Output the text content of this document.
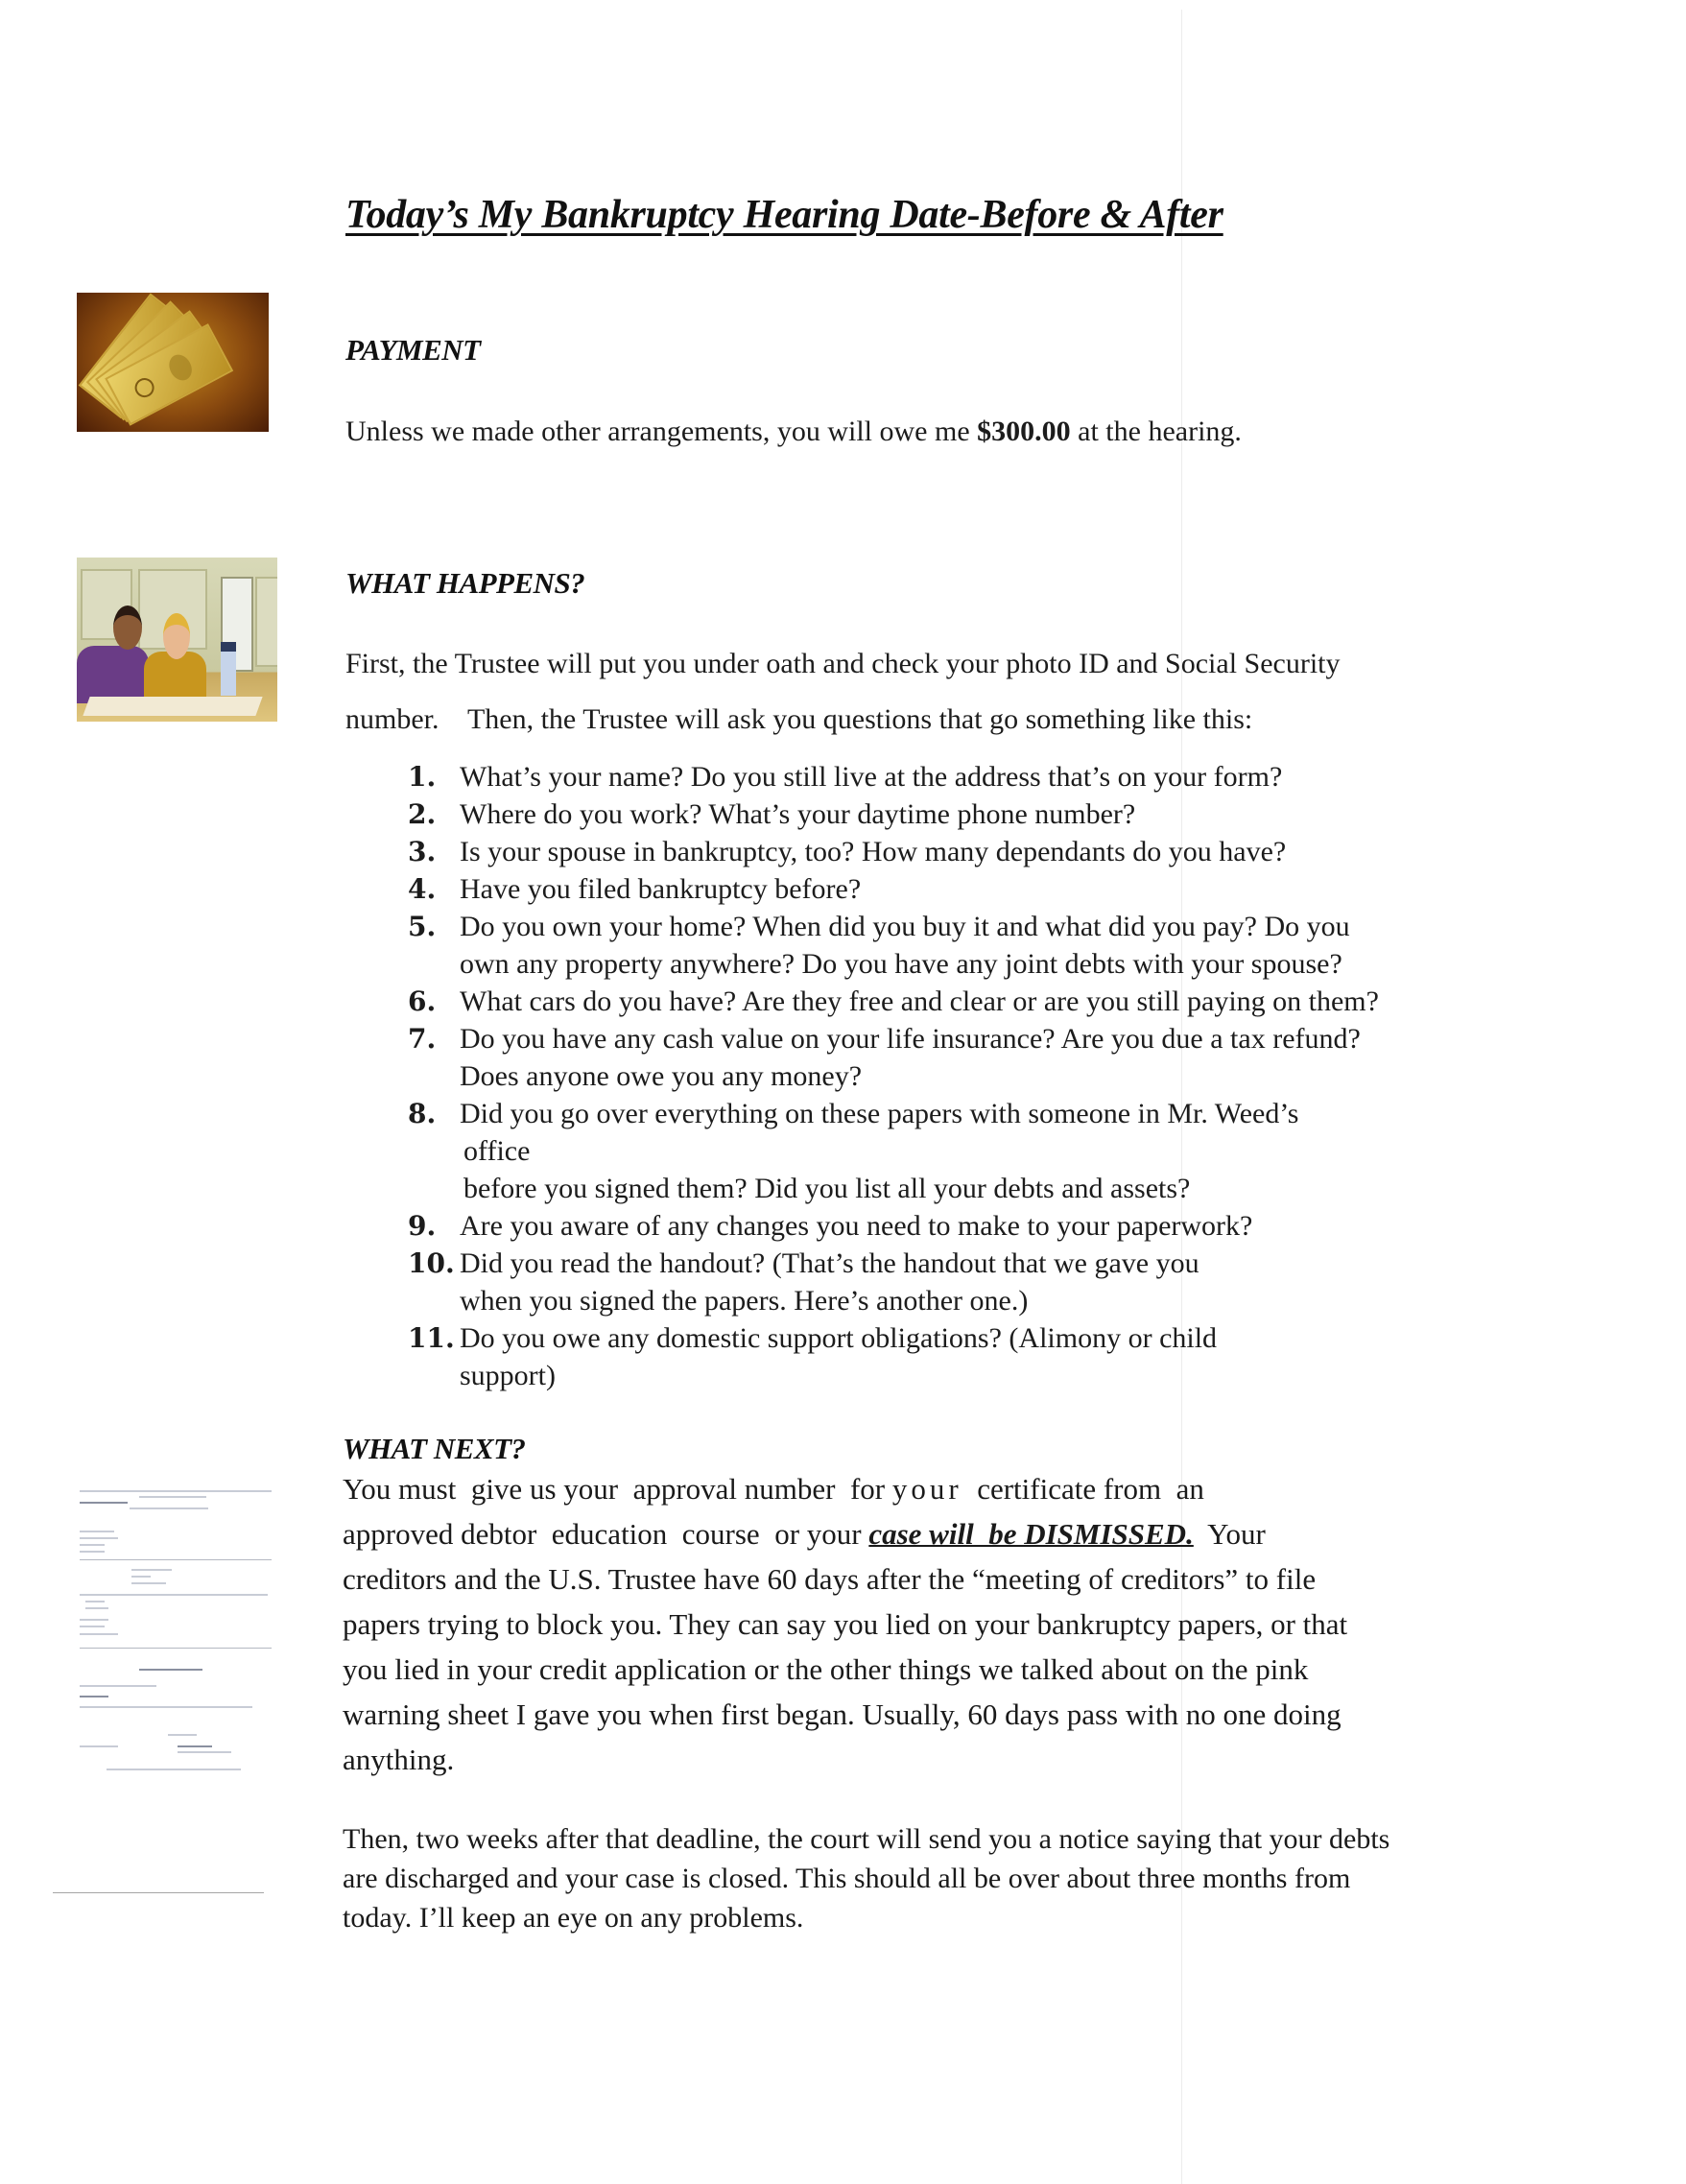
Today’s My Bankruptcy Hearing Date-Before & After
PAYMENT
Unless we made other arrangements, you will owe me $300.00 at the hearing.
WHAT HAPPENS?
First, the Trustee will put you under oath and check your photo ID and Social Security
number.    Then, the Trustee will ask you questions that go something like this:
1. What’s your name? Do you still live at the address that’s on your form?
2. Where do you work? What’s your daytime phone number?
3. Is your spouse in bankruptcy, too? How many dependants do you have?
4. Have you filed bankruptcy before?
5. Do you own your home? When did you buy it and what did you pay? Do you
own any property anywhere? Do you have any joint debts with your spouse?
6. What cars do you have? Are they free and clear or are you still paying on them?
7. Do you have any cash value on your life insurance? Are you due a tax refund?
Does anyone owe you any money?
8. Did you go over everything on these papers with someone in Mr. Weed’s
office
before you signed them? Did you list all your debts and assets?
9. Are you aware of any changes you need to make to your paperwork?
10. Did you read the handout? (That’s the handout that we gave you
when you signed the papers. Here’s another one.)
11. Do you owe any domestic support obligations? (Alimony or child
support)
WHAT NEXT?
You must  give us your  approval number  for your  certificate from  an
approved debtor  education  course  or your case will  be DISMISSED.  Your
creditors and the U.S. Trustee have 60 days after the “meeting of creditors” to file
papers trying to block you. They can say you lied on your bankruptcy papers, or that
you lied in your credit application or the other things we talked about on the pink
warning sheet I gave you when first began. Usually, 60 days pass with no one doing
anything.
Then, two weeks after that deadline, the court will send you a notice saying that your debts
are discharged and your case is closed. This should all be over about three months from
today. I’ll keep an eye on any problems.
